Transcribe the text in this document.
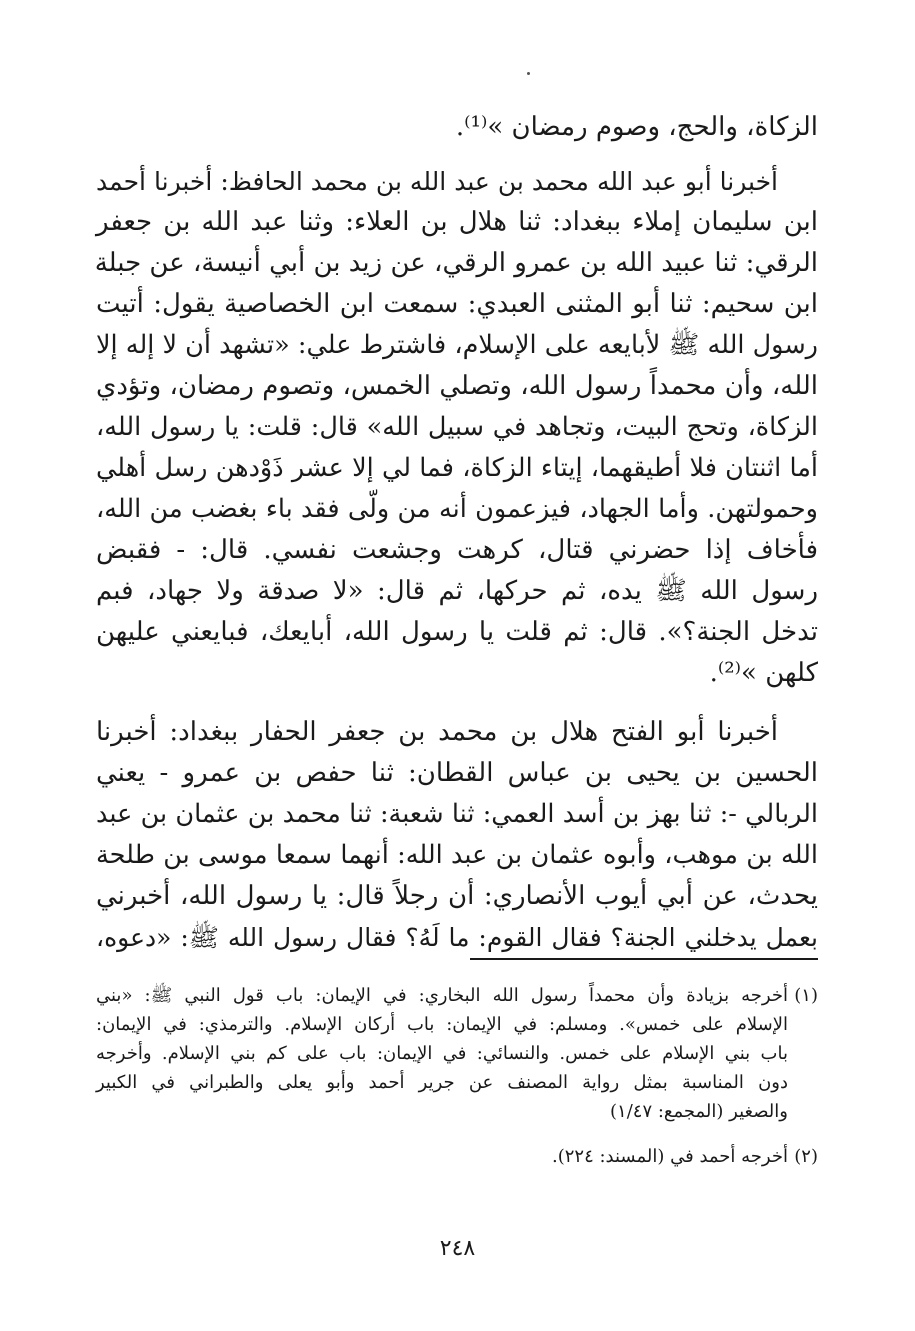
الزكاة، والحج، وصوم رمضان »⁽¹⁾.
أخبرنا أبو عبد الله محمد بن عبد الله بن محمد الحافظ: أخبرنا أحمد
ابن سليمان إملاء ببغداد: ثنا هلال بن العلاء: وثنا عبد الله بن جعفر
الرقي: ثنا عبيد الله بن عمرو الرقي، عن زيد بن أبي أنيسة، عن جبلة
ابن سحيم: ثنا أبو المثنى العبدي: سمعت ابن الخصاصية يقول: أتيت
رسول الله ﷺ لأبايعه على الإسلام، فاشترط علي: «تشهد أن لا إله إلا
الله، وأن محمداً رسول الله، وتصلي الخمس، وتصوم رمضان، وتؤدي
الزكاة، وتحج البيت، وتجاهد في سبيل الله» قال: قلت: يا رسول الله،
أما اثنتان فلا أطيقهما، إيتاء الزكاة، فما لي إلا عشر ذَوْدهن رسل أهلي
وحمولتهن. وأما الجهاد، فيزعمون أنه من ولّى فقد باء بغضب من الله،
فأخاف إذا حضرني قتال، كرهت وجشعت نفسي. قال: - فقبض
رسول الله ﷺ يده، ثم حركها، ثم قال: «لا صدقة ولا جهاد، فبم
تدخل الجنة؟». قال: ثم قلت يا رسول الله، أبايعك، فبايعني عليهن
كلهن »⁽²⁾.
أخبرنا أبو الفتح هلال بن محمد بن جعفر الحفار ببغداد: أخبرنا
الحسين بن يحيى بن عباس القطان: ثنا حفص بن عمرو - يعني
الربالي -: ثنا بهز بن أسد العمي: ثنا شعبة: ثنا محمد بن عثمان بن عبد
الله بن موهب، وأبوه عثمان بن عبد الله: أنهما سمعا موسى بن طلحة
يحدث، عن أبي أيوب الأنصاري: أن رجلاً قال: يا رسول الله، أخبرني
بعمل يدخلني الجنة؟ فقال القوم: ما لَهُ؟ فقال رسول الله ﷺ: «دعوه،
(١)
أخرجه بزيادة وأن محمداً رسول الله البخاري: في الإيمان: باب قول النبي ﷺ: «بني
الإسلام على خمس». ومسلم: في الإيمان: باب أركان الإسلام. والترمذي: في الإيمان:
باب بني الإسلام على خمس. والنسائي: في الإيمان: باب على كم بني الإسلام. وأخرجه
دون المناسبة بمثل رواية المصنف عن جرير أحمد وأبو يعلى والطبراني في الكبير
والصغير (المجمع: ١/٤٧)
(٢)
أخرجه أحمد في (المسند: ٢٢٤).
٢٤٨
